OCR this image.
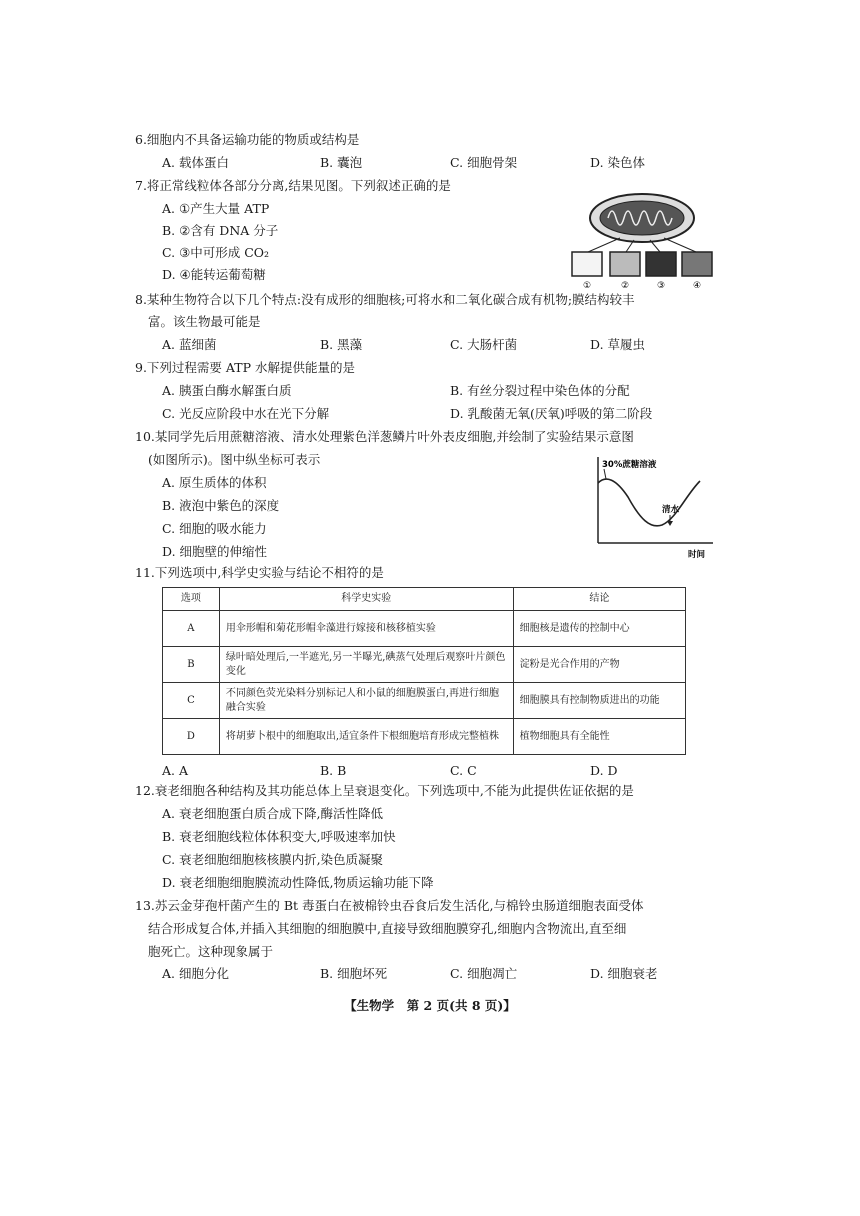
6.细胞内不具备运输功能的物质或结构是
A. 载体蛋白	B. 囊泡	C. 细胞骨架	D. 染色体
7.将正常线粒体各部分分离,结果见图。下列叙述正确的是
A. ①产生大量 ATP
B. ②含有 DNA 分子
C. ③中可形成 CO₂
D. ④能转运葡萄糖
①	②	③	④
8.某种生物符合以下几个特点:没有成形的细胞核;可将水和二氧化碳合成有机物;膜结构较丰
富。该生物最可能是
A. 蓝细菌	B. 黑藻	C. 大肠杆菌	D. 草履虫
9.下列过程需要 ATP 水解提供能量的是
A. 胰蛋白酶水解蛋白质	B. 有丝分裂过程中染色体的分配
C. 光反应阶段中水在光下分解	D. 乳酸菌无氧(厌氧)呼吸的第二阶段
10.某同学先后用蔗糖溶液、清水处理紫色洋葱鳞片叶外表皮细胞,并绘制了实验结果示意图
(如图所示)。图中纵坐标可表示
A. 原生质体的体积
B. 液泡中紫色的深度
C. 细胞的吸水能力
D. 细胞壁的伸缩性
30%蔗糖溶液
清水
时间
11.下列选项中,科学史实验与结论不相符的是
选项	科学史实验	结论
A	用伞形帽和菊花形帽伞藻进行嫁接和核移植实验	细胞核是遗传的控制中心
B	绿叶暗处理后,一半遮光,另一半曝光,碘蒸气处理后观察叶片颜色变化	淀粉是光合作用的产物
C	不同颜色荧光染料分别标记人和小鼠的细胞膜蛋白,再进行细胞融合实验	细胞膜具有控制物质进出的功能
D	将胡萝卜根中的细胞取出,适宜条件下根细胞培育形成完整植株	植物细胞具有全能性
A. A	B. B	C. C	D. D
12.衰老细胞各种结构及其功能总体上呈衰退变化。下列选项中,不能为此提供佐证依据的是
A. 衰老细胞蛋白质合成下降,酶活性降低
B. 衰老细胞线粒体体积变大,呼吸速率加快
C. 衰老细胞细胞核核膜内折,染色质凝聚
D. 衰老细胞细胞膜流动性降低,物质运输功能下降
13.苏云金芽孢杆菌产生的 Bt 毒蛋白在被棉铃虫吞食后发生活化,与棉铃虫肠道细胞表面受体
结合形成复合体,并插入其细胞的细胞膜中,直接导致细胞膜穿孔,细胞内含物流出,直至细
胞死亡。这种现象属于
A. 细胞分化	B. 细胞坏死	C. 细胞凋亡	D. 细胞衰老
【生物学　第 2 页(共 8 页)】
